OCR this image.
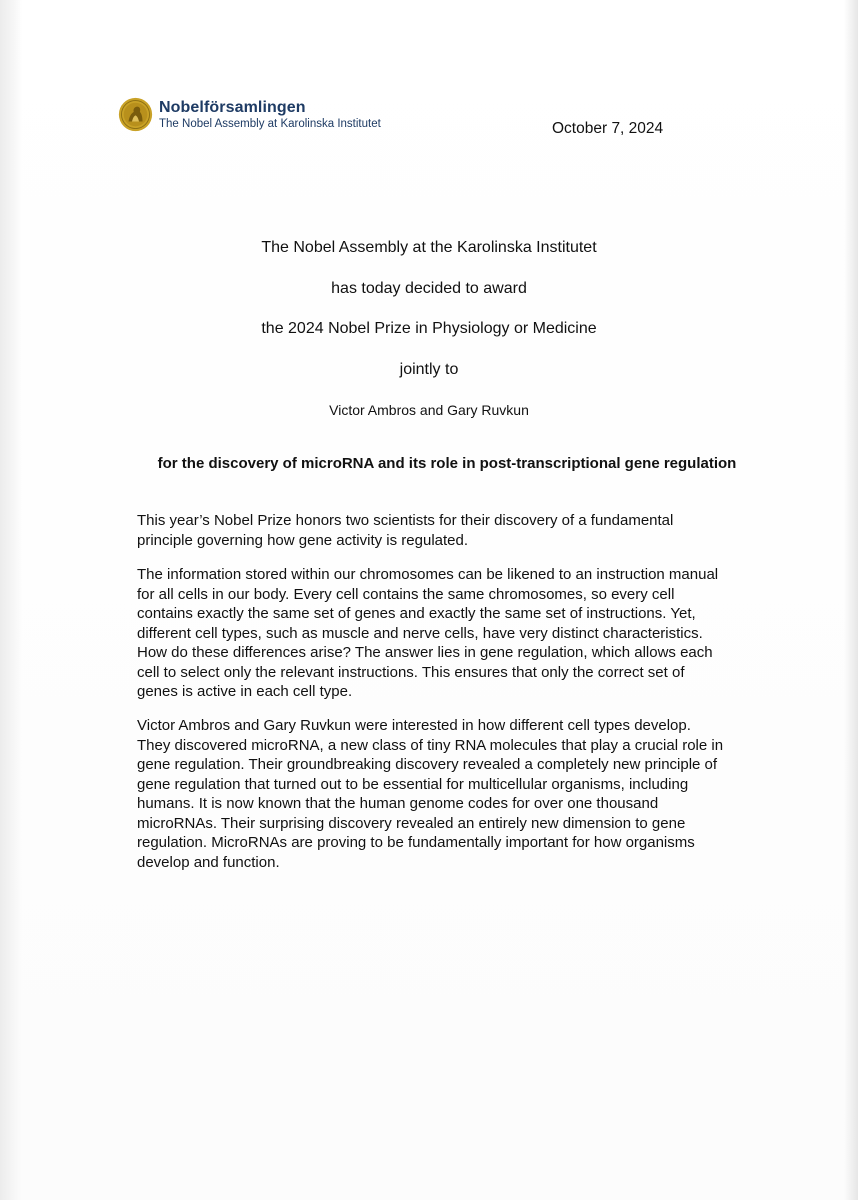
Nobelförsamlingen
The Nobel Assembly at Karolinska Institutet	October 7, 2024
The Nobel Assembly at the Karolinska Institutet
has today decided to award
the 2024 Nobel Prize in Physiology or Medicine
jointly to
Victor Ambros and Gary Ruvkun
for the discovery of microRNA and its role in post-transcriptional gene regulation

This year’s Nobel Prize honors two scientists for their discovery of a fundamental
principle governing how gene activity is regulated.

The information stored within our chromosomes can be likened to an instruction manual
for all cells in our body. Every cell contains the same chromosomes, so every cell
contains exactly the same set of genes and exactly the same set of instructions. Yet,
different cell types, such as muscle and nerve cells, have very distinct characteristics.
How do these differences arise? The answer lies in gene regulation, which allows each
cell to select only the relevant instructions. This ensures that only the correct set of
genes is active in each cell type.

Victor Ambros and Gary Ruvkun were interested in how different cell types develop.
They discovered microRNA, a new class of tiny RNA molecules that play a crucial role in
gene regulation. Their groundbreaking discovery revealed a completely new principle of
gene regulation that turned out to be essential for multicellular organisms, including
humans. It is now known that the human genome codes for over one thousand
microRNAs. Their surprising discovery revealed an entirely new dimension to gene
regulation. MicroRNAs are proving to be fundamentally important for how organisms
develop and function.
